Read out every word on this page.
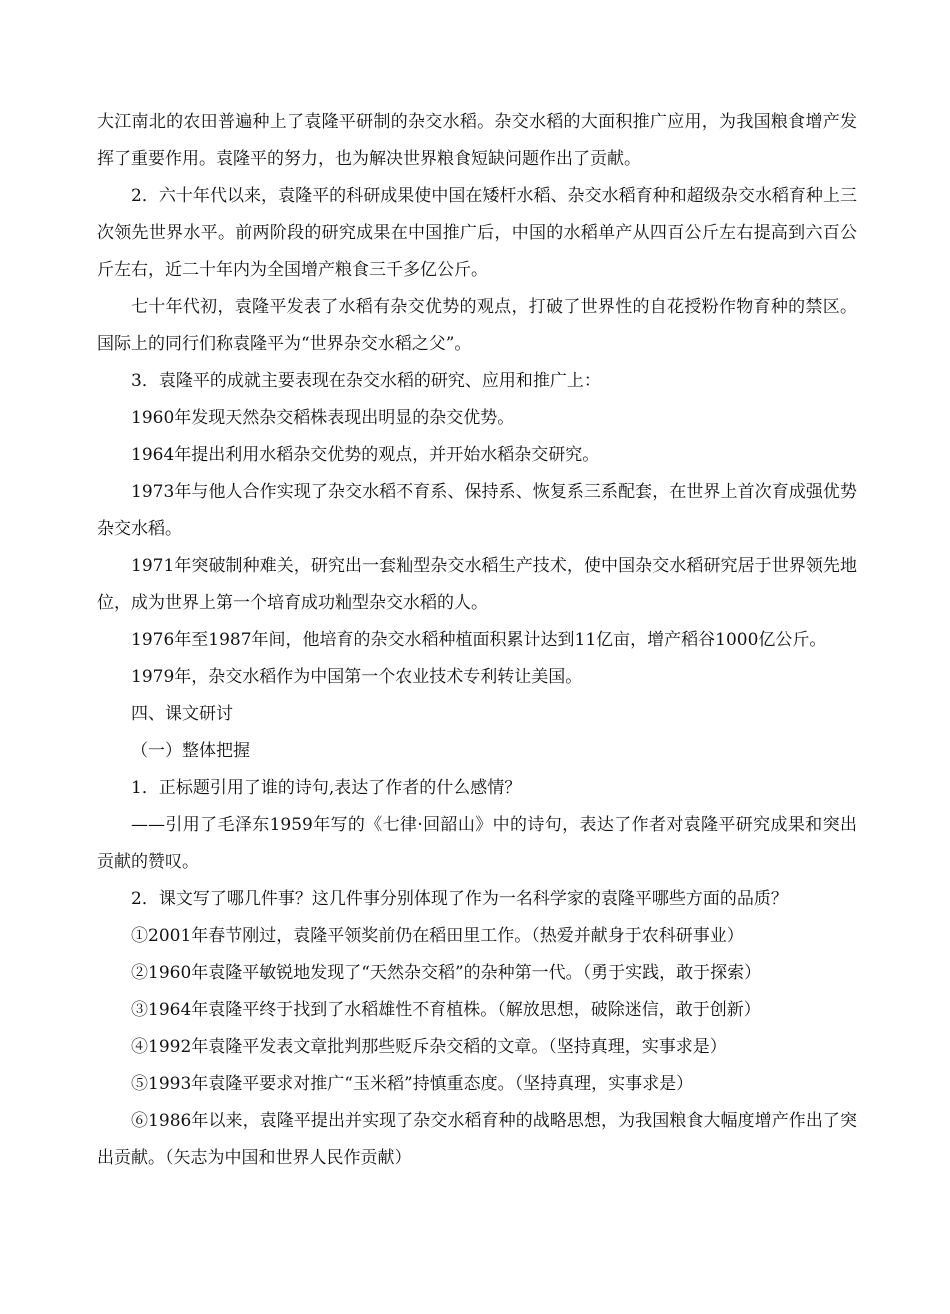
大江南北的农田普遍种上了袁隆平研制的杂交水稻。杂交水稻的大面积推广应用，为我国粮食增产发挥了重要作用。袁隆平的努力，也为解决世界粮食短缺问题作出了贡献。

2．六十年代以来，袁隆平的科研成果使中国在矮杆水稻、杂交水稻育种和超级杂交水稻育种上三次领先世界水平。前两阶段的研究成果在中国推广后，中国的水稻单产从四百公斤左右提高到六百公斤左右，近二十年内为全国增产粮食三千多亿公斤。

七十年代初，袁隆平发表了水稻有杂交优势的观点，打破了世界性的自花授粉作物育种的禁区。国际上的同行们称袁隆平为“世界杂交水稻之父”。

3．袁隆平的成就主要表现在杂交水稻的研究、应用和推广上：

1960年发现天然杂交稻株表现出明显的杂交优势。

1964年提出利用水稻杂交优势的观点，并开始水稻杂交研究。

1973年与他人合作实现了杂交水稻不育系、保持系、恢复系三系配套，在世界上首次育成强优势杂交水稻。

1971年突破制种难关，研究出一套籼型杂交水稻生产技术，使中国杂交水稻研究居于世界领先地位，成为世界上第一个培育成功籼型杂交水稻的人。

1976年至1987年间，他培育的杂交水稻种植面积累计达到11亿亩，增产稻谷1000亿公斤。

1979年，杂交水稻作为中国第一个农业技术专利转让美国。

四、课文研讨

（一）整体把握

1．正标题引用了谁的诗句,表达了作者的什么感情？

——引用了毛泽东1959年写的《七律·回韶山》中的诗句，表达了作者对袁隆平研究成果和突出贡献的赞叹。

2．课文写了哪几件事？这几件事分别体现了作为一名科学家的袁隆平哪些方面的品质？

①2001年春节刚过，袁隆平领奖前仍在稻田里工作。（热爱并献身于农科研事业）

②1960年袁隆平敏锐地发现了“天然杂交稻”的杂种第一代。（勇于实践，敢于探索）

③1964年袁隆平终于找到了水稻雄性不育植株。（解放思想，破除迷信，敢于创新）

④1992年袁隆平发表文章批判那些贬斥杂交稻的文章。（坚持真理，实事求是）

⑤1993年袁隆平要求对推广“玉米稻”持慎重态度。（坚持真理，实事求是）

⑥1986年以来，袁隆平提出并实现了杂交水稻育种的战略思想，为我国粮食大幅度增产作出了突出贡献。（矢志为中国和世界人民作贡献）
